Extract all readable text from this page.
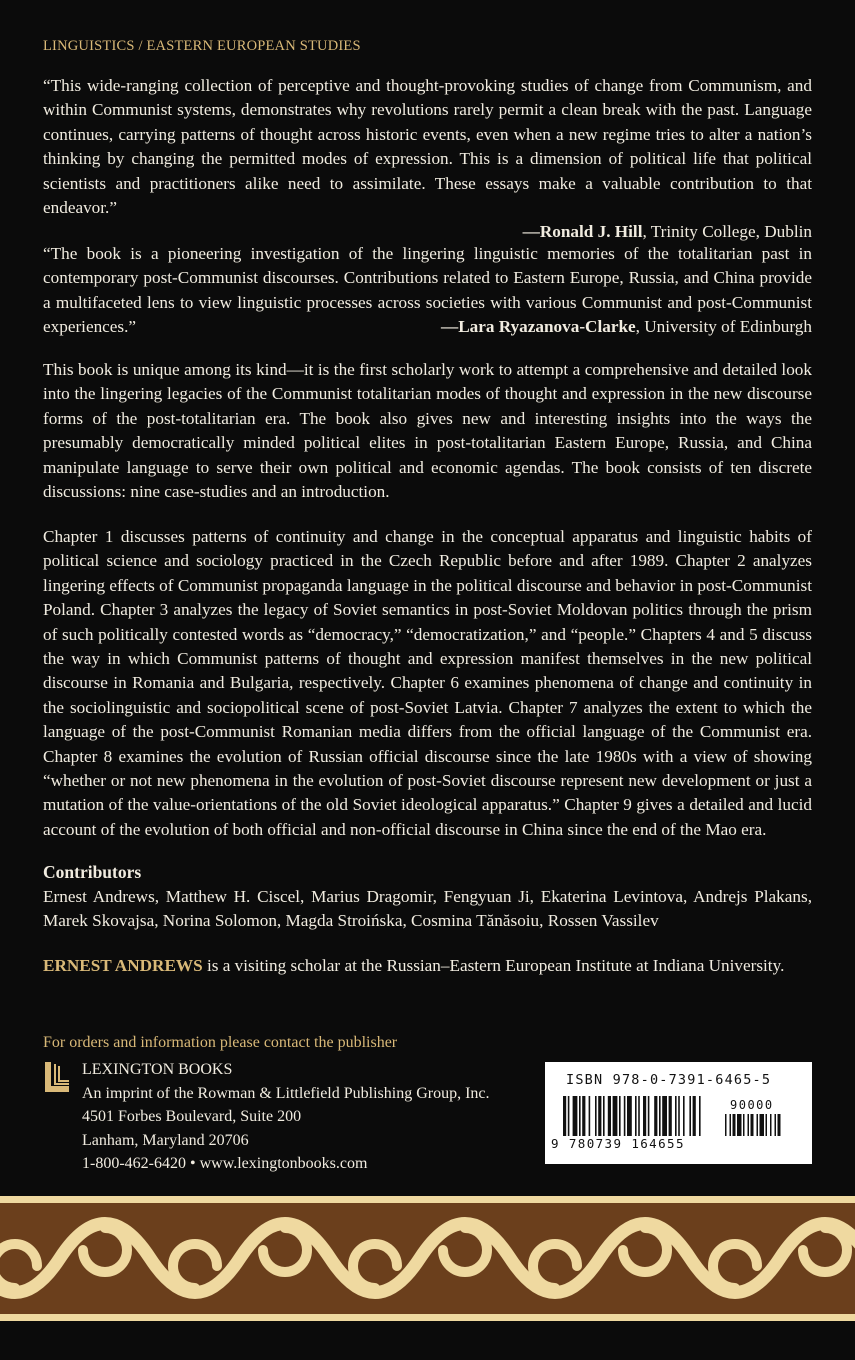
LINGUISTICS / EASTERN EUROPEAN STUDIES

“This wide-ranging collection of perceptive and thought-provoking studies of change from Communism, and within Communist systems, demonstrates why revolutions rarely permit a clean break with the past. Language continues, carrying patterns of thought across historic events, even when a new regime tries to alter a nation’s thinking by changing the permitted modes of expression. This is a dimension of political life that political scientists and practitioners alike need to assimilate. These essays make a valuable contribution to that endeavor.”
—Ronald J. Hill, Trinity College, Dublin

“The book is a pioneering investigation of the lingering linguistic memories of the totalitarian past in contemporary post-Communist discourses. Contributions related to Eastern Europe, Russia, and China provide a multifaceted lens to view linguistic processes across societies with various Communist and post-Communist experiences.”	—Lara Ryazanova-Clarke, University of Edinburgh

This book is unique among its kind—it is the first scholarly work to attempt a comprehensive and detailed look into the lingering legacies of the Communist totalitarian modes of thought and expression in the new discourse forms of the post-totalitarian era. The book also gives new and interesting insights into the ways the presumably democratically minded political elites in post-totalitarian Eastern Europe, Russia, and China manipulate language to serve their own political and economic agendas. The book consists of ten discrete discussions: nine case-studies and an introduction.

Chapter 1 discusses patterns of continuity and change in the conceptual apparatus and linguistic habits of political science and sociology practiced in the Czech Republic before and after 1989. Chapter 2 analyzes lingering effects of Communist propaganda language in the political discourse and behavior in post-Communist Poland. Chapter 3 analyzes the legacy of Soviet semantics in post-Soviet Moldovan politics through the prism of such politically contested words as “democracy,” “democratization,” and “people.” Chapters 4 and 5 discuss the way in which Communist patterns of thought and expression manifest themselves in the new political discourse in Romania and Bulgaria, respectively. Chapter 6 examines phenomena of change and continuity in the sociolinguistic and sociopolitical scene of post-Soviet Latvia. Chapter 7 analyzes the extent to which the language of the post-Communist Romanian media differs from the official language of the Communist era. Chapter 8 examines the evolution of Russian official discourse since the late 1980s with a view of showing “whether or not new phenomena in the evolution of post-Soviet discourse represent new development or just a mutation of the value-orientations of the old Soviet ideological apparatus.” Chapter 9 gives a detailed and lucid account of the evolution of both official and non-official discourse in China since the end of the Mao era.

Contributors

Ernest Andrews, Matthew H. Ciscel, Marius Dragomir, Fengyuan Ji, Ekaterina Levintova, Andrejs Plakans, Marek Skovajsa, Norina Solomon, Magda Stroińska, Cosmina Tănăsoiu, Rossen Vassilev

ERNEST ANDREWS is a visiting scholar at the Russian–Eastern European Institute at Indiana University.

For orders and information please contact the publisher
LEXINGTON BOOKS
An imprint of the Rowman & Littlefield Publishing Group, Inc.
4501 Forbes Boulevard, Suite 200
Lanham, Maryland 20706
1-800-462-6420 • www.lexingtonbooks.com
ISBN 978-0-7391-6465-5
90000
9 780739 164655
